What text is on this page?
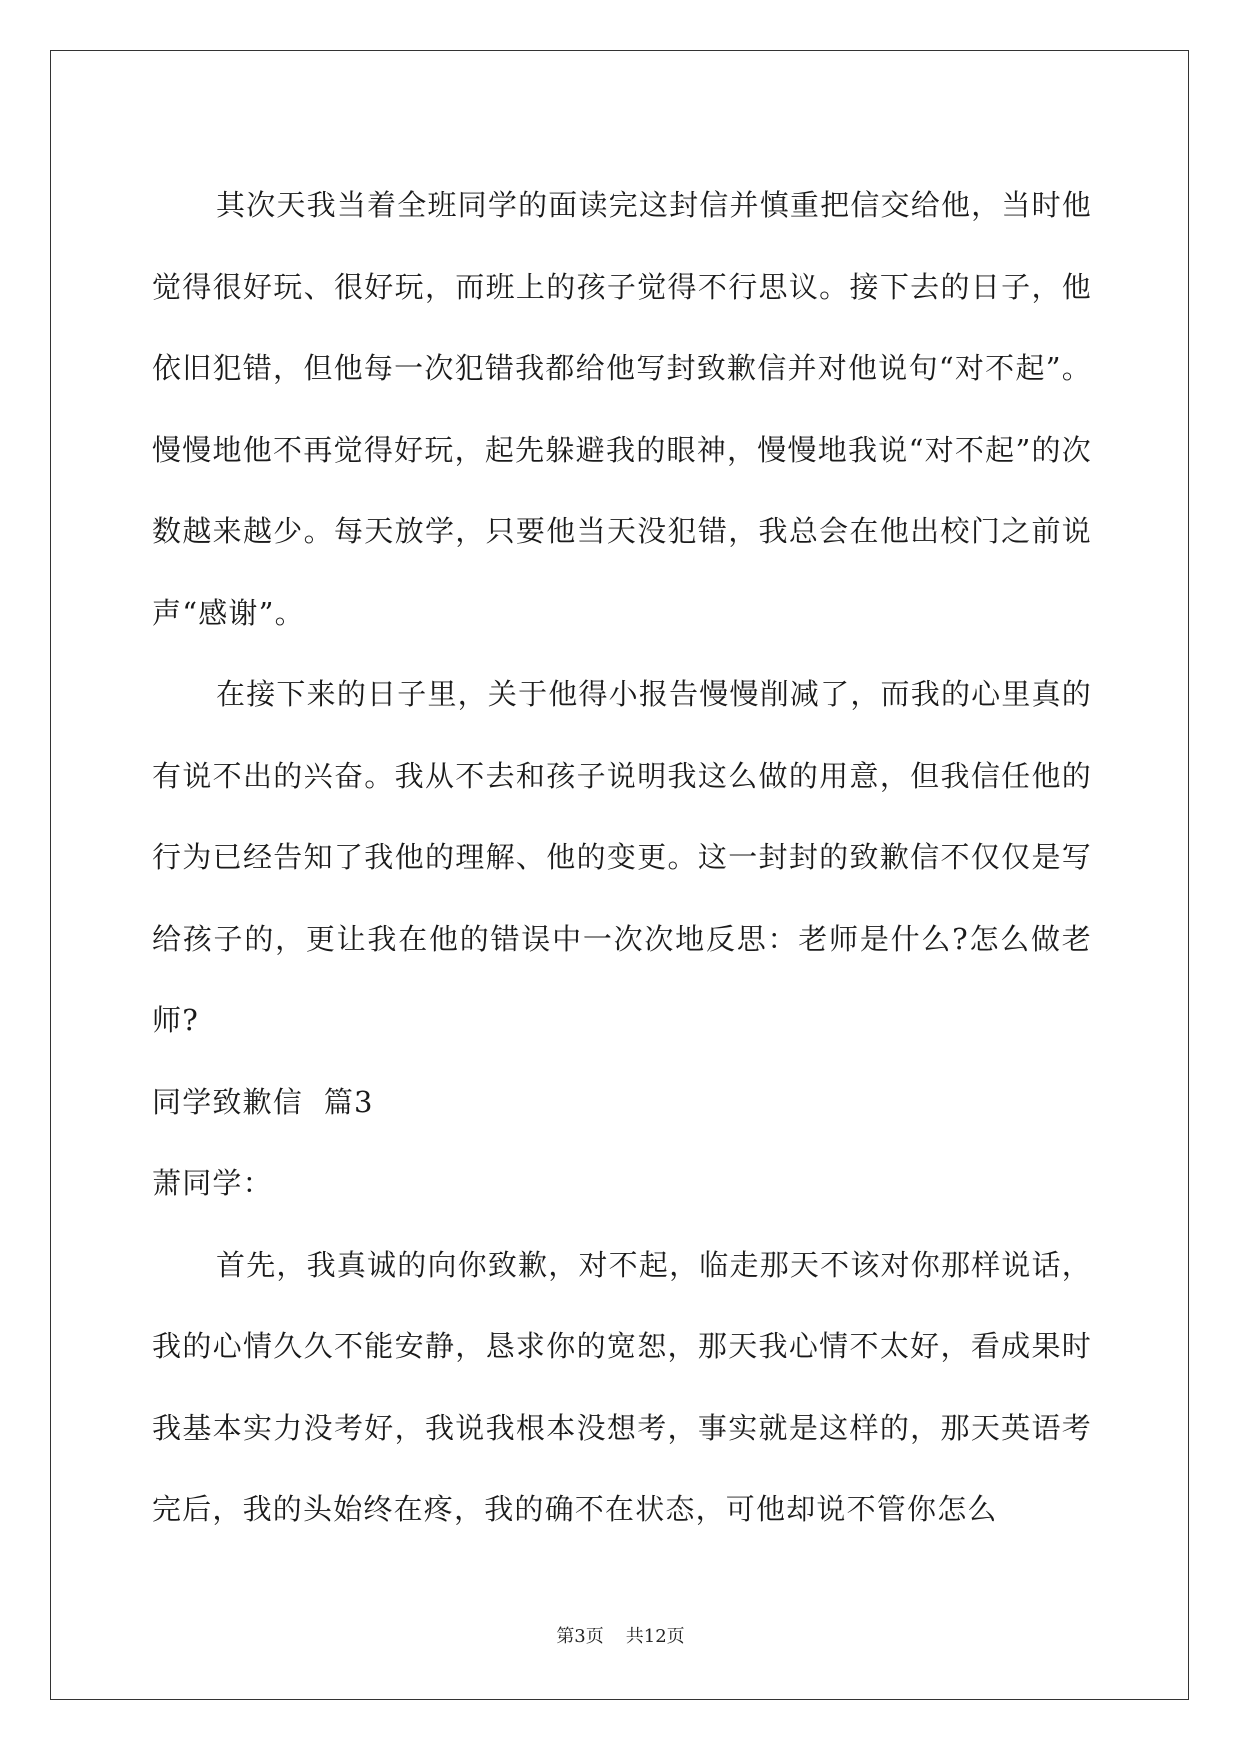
其次天我当着全班同学的面读完这封信并慎重把信交给他，当时他觉得很好玩、很好玩，而班上的孩子觉得不行思议。接下去的日子，他依旧犯错，但他每一次犯错我都给他写封致歉信并对他说句“对不起”。慢慢地他不再觉得好玩，起先躲避我的眼神，慢慢地我说“对不起”的次数越来越少。每天放学，只要他当天没犯错，我总会在他出校门之前说声“感谢”。

在接下来的日子里，关于他得小报告慢慢削减了，而我的心里真的有说不出的兴奋。我从不去和孩子说明我这么做的用意，但我信任他的行为已经告知了我他的理解、他的变更。这一封封的致歉信不仅仅是写给孩子的，更让我在他的错误中一次次地反思：老师是什么?怎么做老师?

同学致歉信  篇3

萧同学：

首先，我真诚的向你致歉，对不起，临走那天不该对你那样说话，我的心情久久不能安静，恳求你的宽恕，那天我心情不太好，看成果时我基本实力没考好，我说我根本没想考，事实就是这样的，那天英语考完后，我的头始终在疼，我的确不在状态，可他却说不管你怎么

第3页 共12页
